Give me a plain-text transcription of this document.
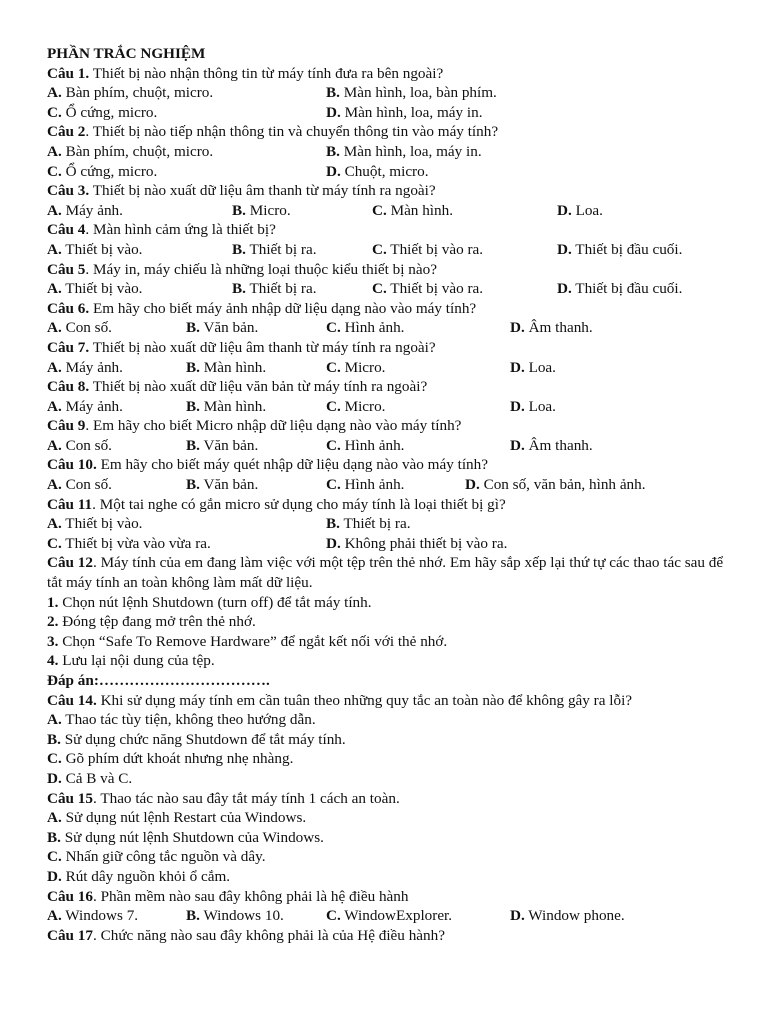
PHẦN TRẮC NGHIỆM
Câu 1. Thiết bị nào nhận thông tin từ máy tính đưa ra bên ngoài?
A. Bàn phím, chuột, micro.	B. Màn hình, loa, bàn phím.
C. Ổ cứng, micro.	D. Màn hình, loa, máy in.
Câu 2. Thiết bị nào tiếp nhận thông tin và chuyển thông tin vào máy tính?
A. Bàn phím, chuột, micro.	B. Màn hình, loa, máy in.
C. Ổ cứng, micro.	D. Chuột, micro.
Câu 3. Thiết bị nào xuất dữ liệu âm thanh từ máy tính ra ngoài?
A. Máy ảnh.	B. Micro.	C. Màn hình.	D. Loa.
Câu 4. Màn hình cảm ứng là thiết bị?
A. Thiết bị vào.	B. Thiết bị ra.	C. Thiết bị vào ra.	D. Thiết bị đầu cuối.
Câu 5. Máy in, máy chiếu là những loại thuộc kiểu thiết bị nào?
A. Thiết bị vào.	B. Thiết bị ra.	C. Thiết bị vào ra.	D. Thiết bị đầu cuối.
Câu 6. Em hãy cho biết máy ảnh nhập dữ liệu dạng nào vào máy tính?
A. Con số.	B. Văn bản.	C. Hình ảnh.	D. Âm thanh.
Câu 7. Thiết bị nào xuất dữ liệu âm thanh từ máy tính ra ngoài?
A. Máy ảnh.	B. Màn hình.	C. Micro.	D. Loa.
Câu 8. Thiết bị nào xuất dữ liệu văn bản từ máy tính ra ngoài?
A. Máy ảnh.	B. Màn hình.	C. Micro.	D. Loa.
Câu 9. Em hãy cho biết Micro nhập dữ liệu dạng nào vào máy tính?
A. Con số.	B. Văn bản.	C. Hình ảnh.	D. Âm thanh.
Câu 10. Em hãy cho biết máy quét nhập dữ liệu dạng nào vào máy tính?
A. Con số.	B. Văn bản.	C. Hình ảnh.	D. Con số, văn bản, hình ảnh.
Câu 11. Một tai nghe có gắn micro sử dụng cho máy tính là loại thiết bị gì?
A. Thiết bị vào.	B. Thiết bị ra.
C. Thiết bị vừa vào vừa ra.	D. Không phải thiết bị vào ra.
Câu 12. Máy tính của em đang làm việc với một tệp trên thẻ nhớ. Em hãy sắp xếp lại thứ tự các thao tác sau để tắt máy tính an toàn không làm mất dữ liệu.
1. Chọn nút lệnh Shutdown (turn off) để tắt máy tính.
2. Đóng tệp đang mở trên thẻ nhớ.
3. Chọn “Safe To Remove Hardware” để ngắt kết nối với thẻ nhớ.
4. Lưu lại nội dung của tệp.
Đáp án:…………………………….
Câu 14. Khi sử dụng máy tính em cần tuân theo những quy tắc an toàn nào để không gây ra lỗi?
A. Thao tác tùy tiện, không theo hướng dẫn.
B. Sử dụng chức năng Shutdown để tắt máy tính.
C. Gõ phím dứt khoát nhưng nhẹ nhàng.
D. Cả B và C.
Câu 15. Thao tác nào sau đây tắt máy tính 1 cách an toàn.
A. Sử dụng nút lệnh Restart của Windows.
B. Sử dụng nút lệnh Shutdown của Windows.
C. Nhấn giữ công tắc nguồn và dây.
D. Rút dây nguồn khỏi ổ cắm.
Câu 16. Phần mềm nào sau đây không phải là hệ điều hành
A. Windows 7.	B. Windows 10.	C. WindowExplorer.	D. Window phone.
Câu 17. Chức năng nào sau đây không phải là của Hệ điều hành?
